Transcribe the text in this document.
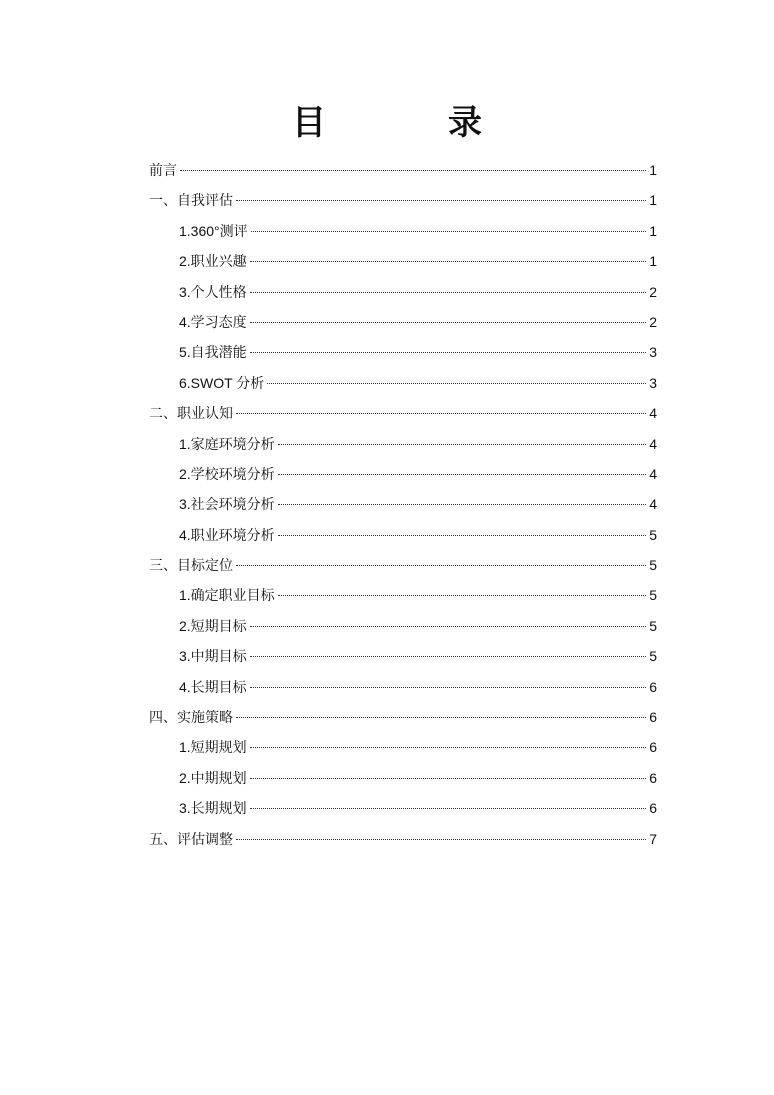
目　录
前言	1
一、自我评估	1
1.360°测评	1
2.职业兴趣	1
3.个人性格	2
4.学习态度	2
5.自我潜能	3
6.SWOT 分析	3
二、职业认知	4
1.家庭环境分析	4
2.学校环境分析	4
3.社会环境分析	4
4.职业环境分析	5
三、目标定位	5
1.确定职业目标	5
2.短期目标	5
3.中期目标	5
4.长期目标	6
四、实施策略	6
1.短期规划	6
2.中期规划	6
3.长期规划	6
五、评估调整	7
